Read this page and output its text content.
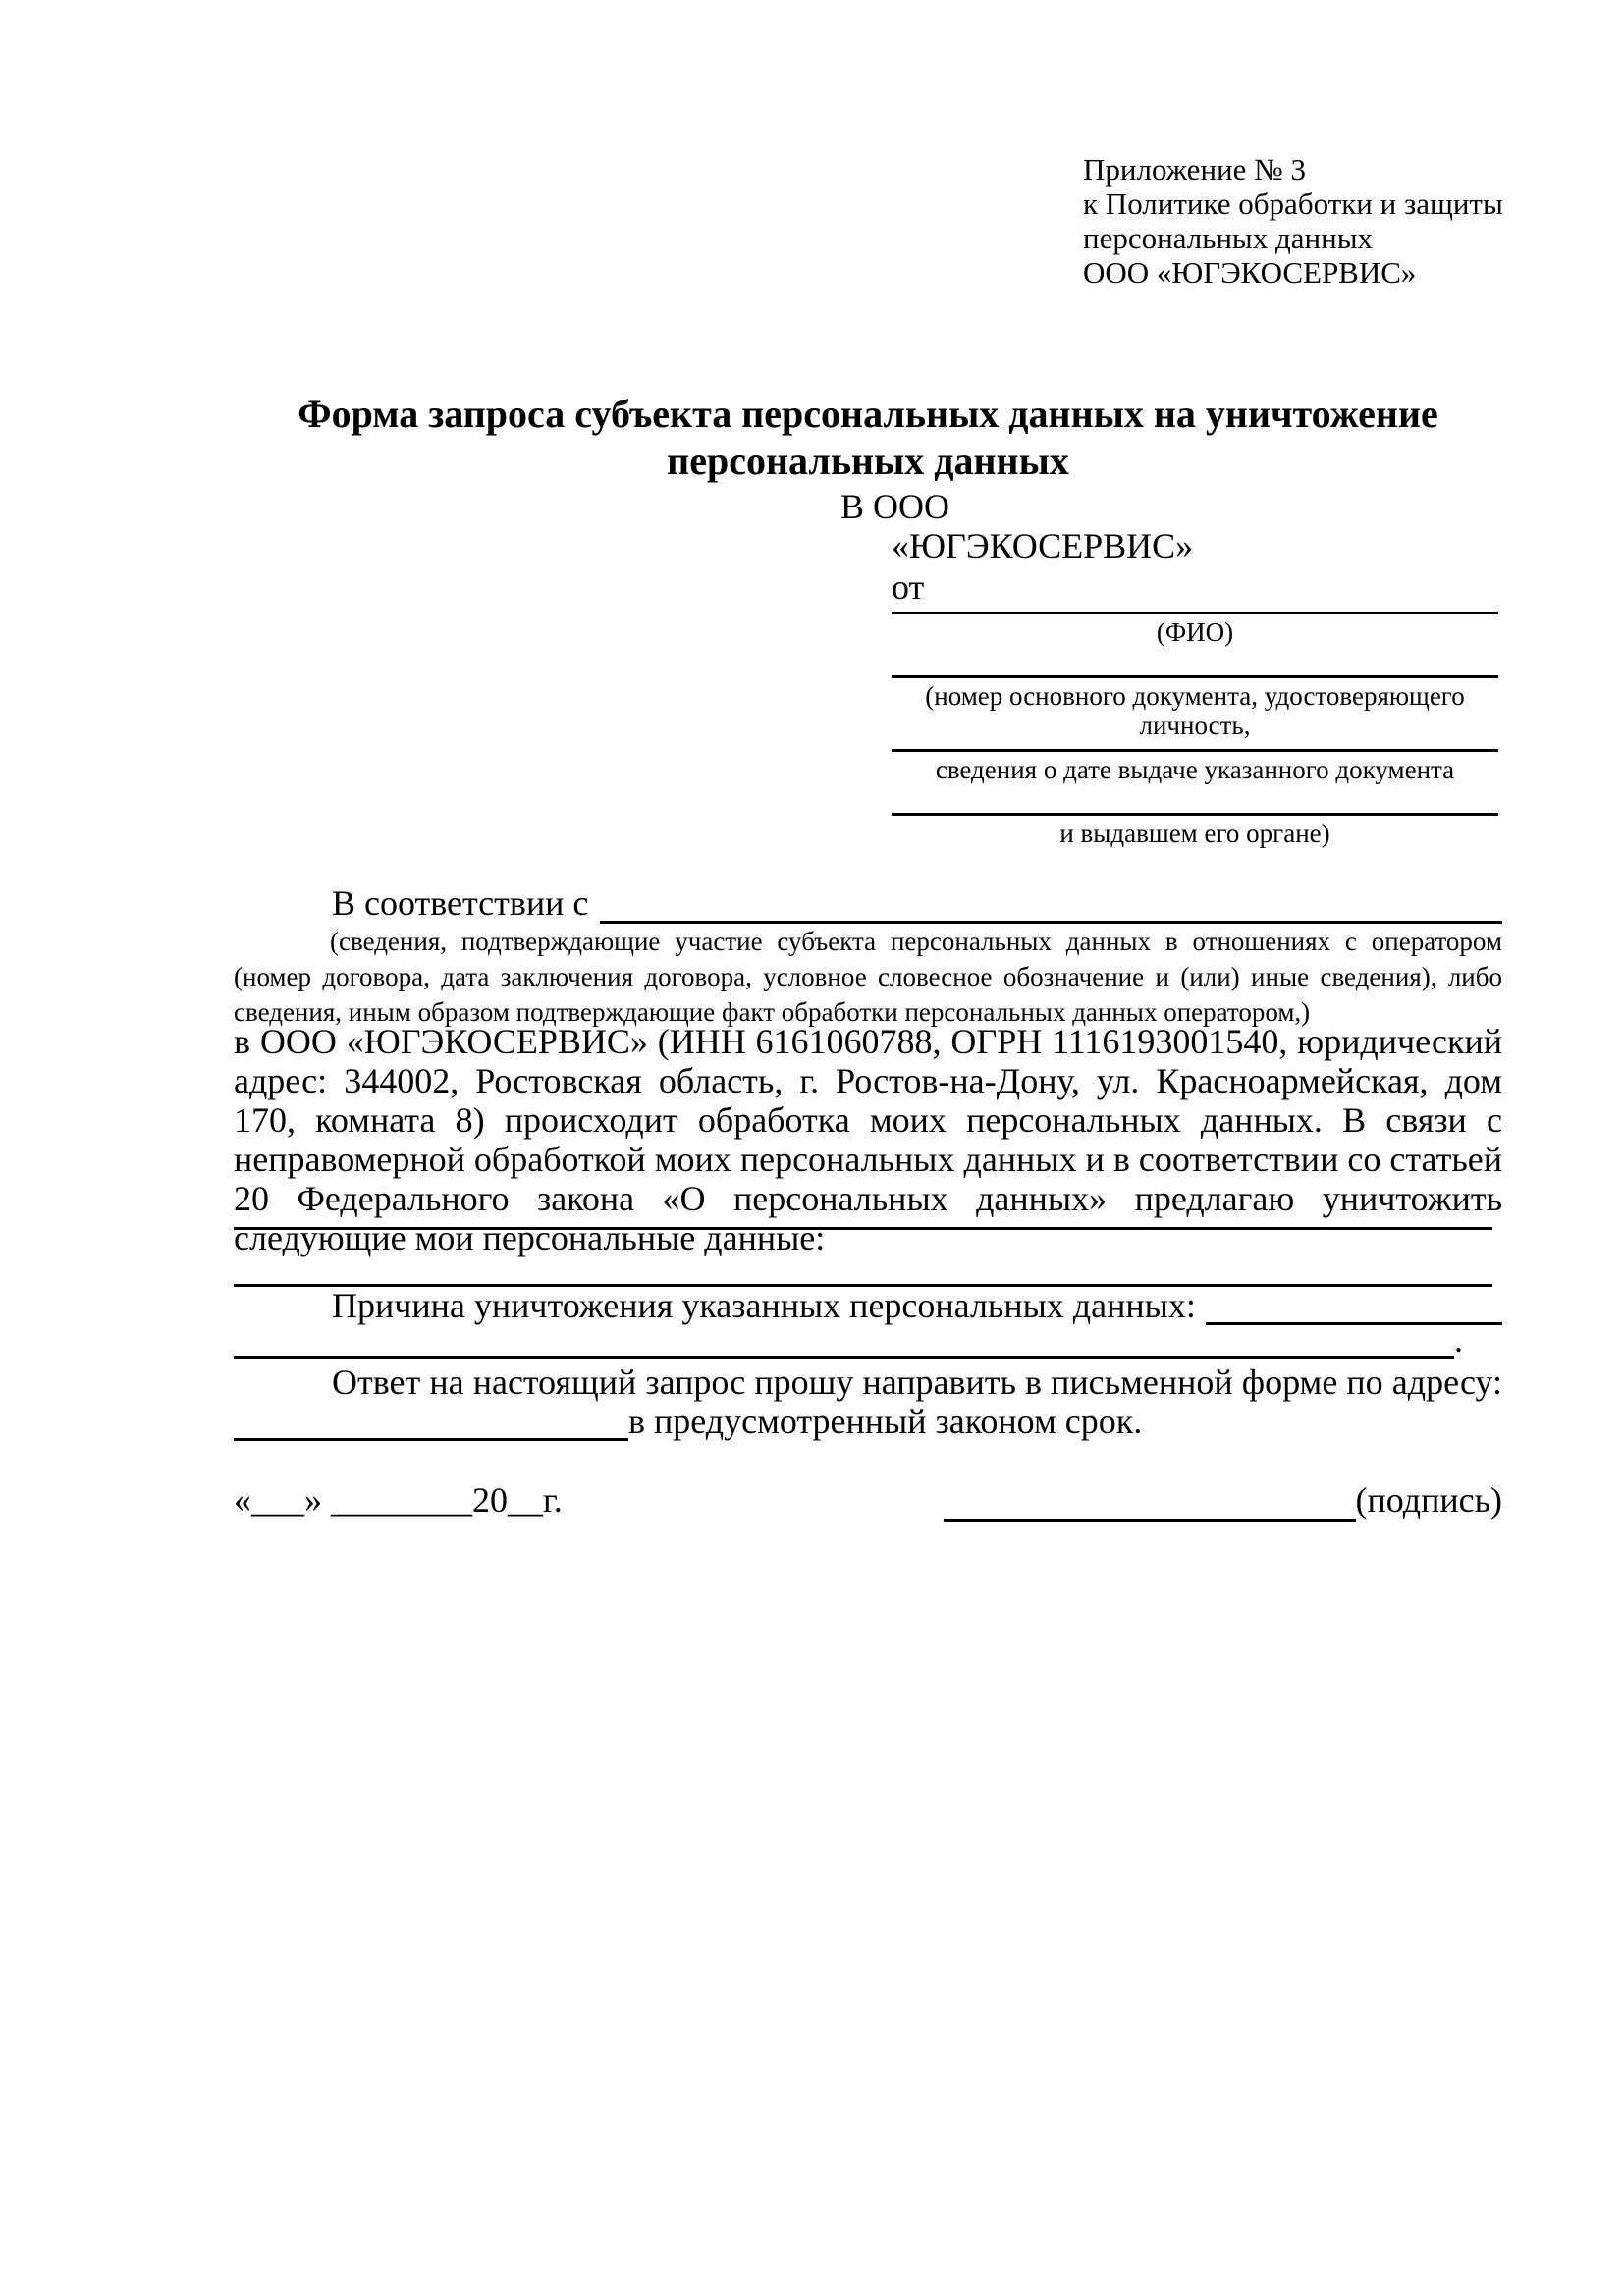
Приложение № 3
к Политике обработки и защиты
персональных данных
ООО «ЮГЭКОСЕРВИС»
Форма запроса субъекта персональных данных на уничтожение персональных данных
В ООО
«ЮГЭКОСЕРВИС»
от
(ФИО)
(номер основного документа, удостоверяющего личность,
сведения о дате выдаче указанного документа
и выдавшем его органе)
В соответствии с
(сведения, подтверждающие участие субъекта персональных данных в отношениях с оператором (номер договора, дата заключения договора, условное словесное обозначение и (или) иные сведения), либо сведения, иным образом подтверждающие факт обработки персональных данных оператором,)
в ООО «ЮГЭКОСЕРВИС» (ИНН 6161060788, ОГРН 1116193001540, юридический адрес: 344002, Ростовская область, г. Ростов-на-Дону, ул. Красноармейская, дом 170, комната 8) происходит обработка моих персональных данных. В связи с неправомерной обработкой моих персональных данных и в соответствии со статьей 20 Федерального закона «О персональных данных» предлагаю уничтожить следующие мои персональные данные:
Причина уничтожения указанных персональных данных:
.
Ответ на настоящий запрос прошу направить в письменной форме по адресу:
в предусмотренный законом срок.
«___» ________20__г.	(подпись)
